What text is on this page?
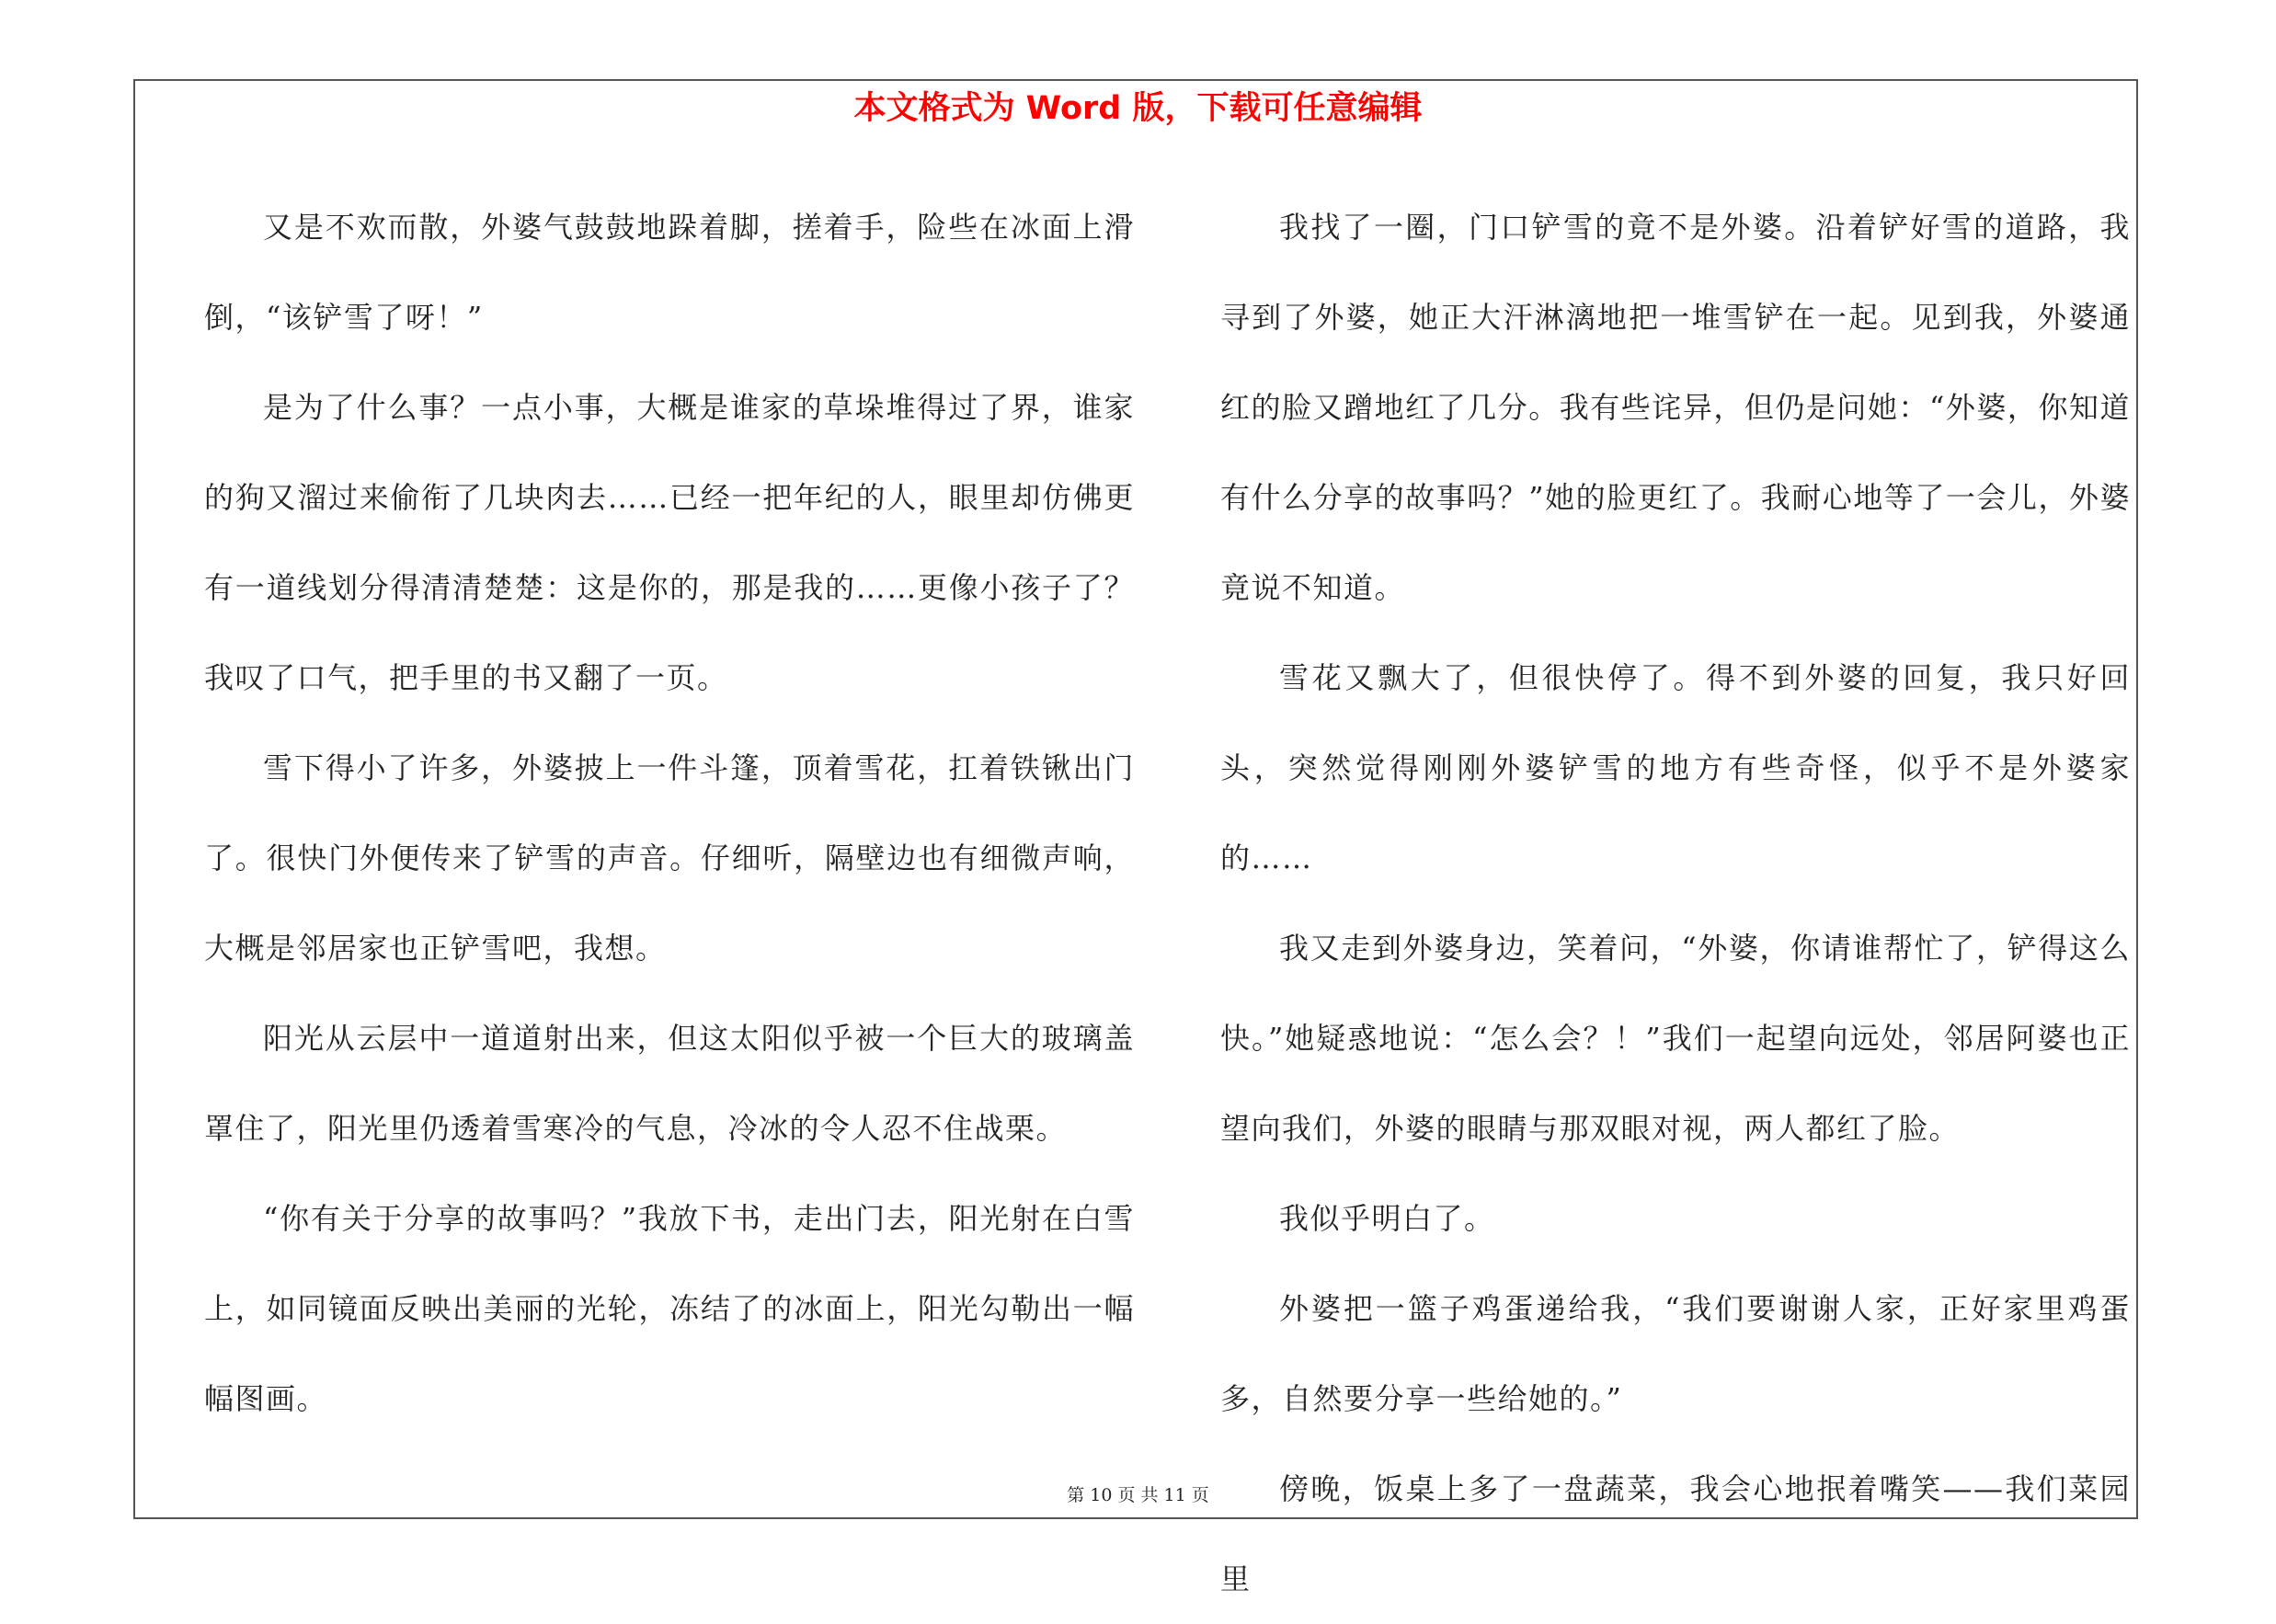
本文格式为 Word 版，下载可任意编辑

又是不欢而散，外婆气鼓鼓地跺着脚，搓着手，险些在冰面上滑倒，“该铲雪了呀！”

是为了什么事？一点小事，大概是谁家的草垛堆得过了界，谁家的狗又溜过来偷衔了几块肉去……已经一把年纪的人，眼里却仿佛更有一道线划分得清清楚楚：这是你的，那是我的……更像小孩子了？我叹了口气，把手里的书又翻了一页。

雪下得小了许多，外婆披上一件斗篷，顶着雪花，扛着铁锹出门了。很快门外便传来了铲雪的声音。仔细听，隔壁边也有细微声响，大概是邻居家也正铲雪吧，我想。

阳光从云层中一道道射出来，但这太阳似乎被一个巨大的玻璃盖罩住了，阳光里仍透着雪寒冷的气息，冷冰的令人忍不住战栗。

“你有关于分享的故事吗？”我放下书，走出门去，阳光射在白雪上，如同镜面反映出美丽的光轮，冻结了的冰面上，阳光勾勒出一幅幅图画。

我找了一圈，门口铲雪的竟不是外婆。沿着铲好雪的道路，我寻到了外婆，她正大汗淋漓地把一堆雪铲在一起。见到我，外婆通红的脸又蹭地红了几分。我有些诧异，但仍是问她：“外婆，你知道有什么分享的故事吗？”她的脸更红了。我耐心地等了一会儿，外婆竟说不知道。

雪花又飘大了，但很快停了。得不到外婆的回复，我只好回头，突然觉得刚刚外婆铲雪的地方有些奇怪，似乎不是外婆家的……

我又走到外婆身边，笑着问，“外婆，你请谁帮忙了，铲得这么快。”她疑惑地说：“怎么会？！”我们一起望向远处，邻居阿婆也正望向我们，外婆的眼睛与那双眼对视，两人都红了脸。

我似乎明白了。

外婆把一篮子鸡蛋递给我，“我们要谢谢人家，正好家里鸡蛋多，自然要分享一些给她的。”

傍晚，饭桌上多了一盘蔬菜，我会心地抿着嘴笑——我们菜园里

第 10 页 共 11 页
